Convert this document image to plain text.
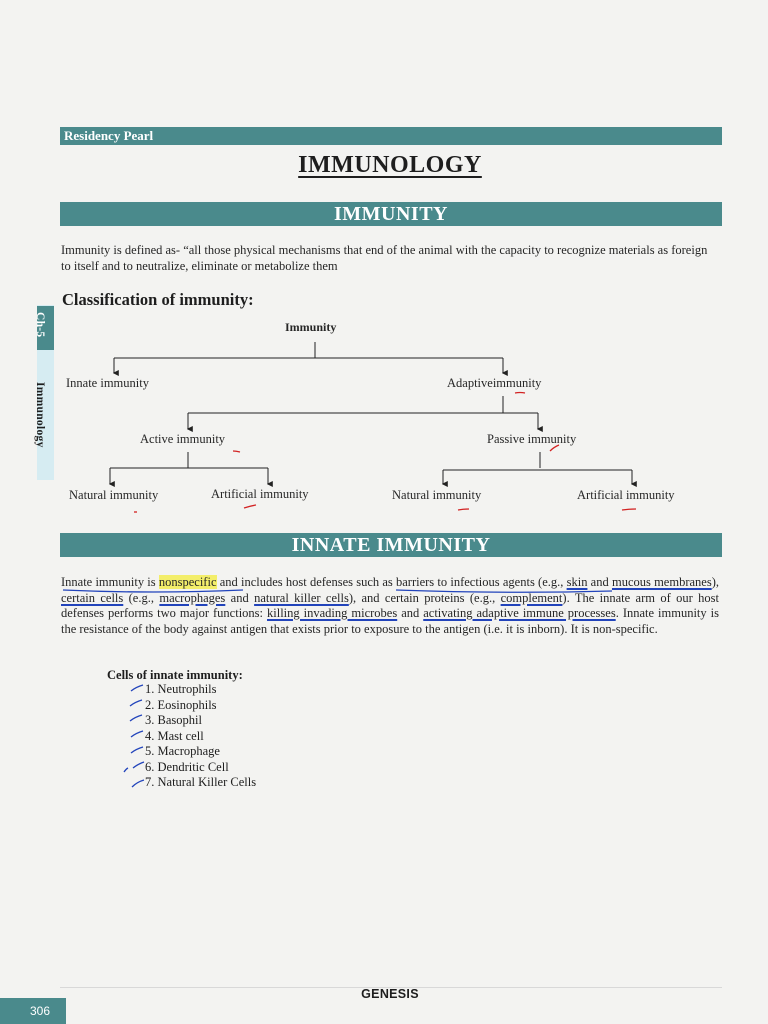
Residency Pearl
IMMUNOLOGY
IMMUNITY
Immunity is defined as- “all those physical mechanisms that end of the animal with the capacity to recognize materials as foreign to itself and to neutralize, eliminate or metabolize them
Classification of immunity:
Ch-5
Immunology
Immunity
Innate immunity	Adaptiveimmunity
Active immunity	Passive immunity
Natural immunity	Artificial immunity	Natural immunity	Artificial immunity
INNATE IMMUNITY
Innate immunity is nonspecific and includes host defenses such as barriers to infectious agents (e.g., skin and mucous membranes), certain cells (e.g., macrophages and natural killer cells), and certain proteins (e.g., complement). The innate arm of our host defenses performs two major functions: killing invading microbes and activating adaptive immune processes. Innate immunity is the resistance of the body against antigen that exists prior to exposure to the antigen (i.e. it is inborn). It is non-specific.
Cells of innate immunity:
1. Neutrophils
2. Eosinophils
3. Basophil
4. Mast cell
5. Macrophage
6. Dendritic Cell
7. Natural Killer Cells
306
GENESIS
